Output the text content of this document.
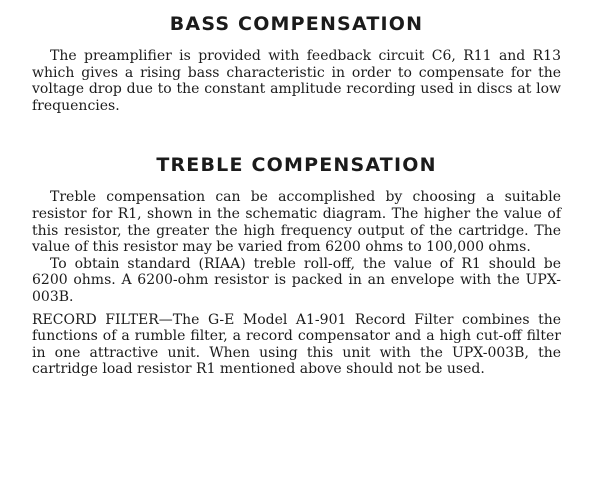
BASS COMPENSATION

The preamplifier is provided with feedback circuit C6, R11 and R13 which gives a rising bass characteristic in order to compensate for the voltage drop due to the constant amplitude recording used in discs at low frequencies.

TREBLE COMPENSATION

Treble compensation can be accomplished by choosing a suitable resistor for R1, shown in the schematic diagram. The higher the value of this resistor, the greater the high frequency output of the cartridge. The value of this resistor may be varied from 6200 ohms to 100,000 ohms.

To obtain standard (RIAA) treble roll-off, the value of R1 should be 6200 ohms. A 6200-ohm resistor is packed in an envelope with the UPX-003B.

RECORD FILTER—The G-E Model A1-901 Record Filter combines the functions of a rumble filter, a record compensator and a high cut-off filter in one attractive unit. When using this unit with the UPX-003B, the cartridge load resistor R1 mentioned above should not be used.
